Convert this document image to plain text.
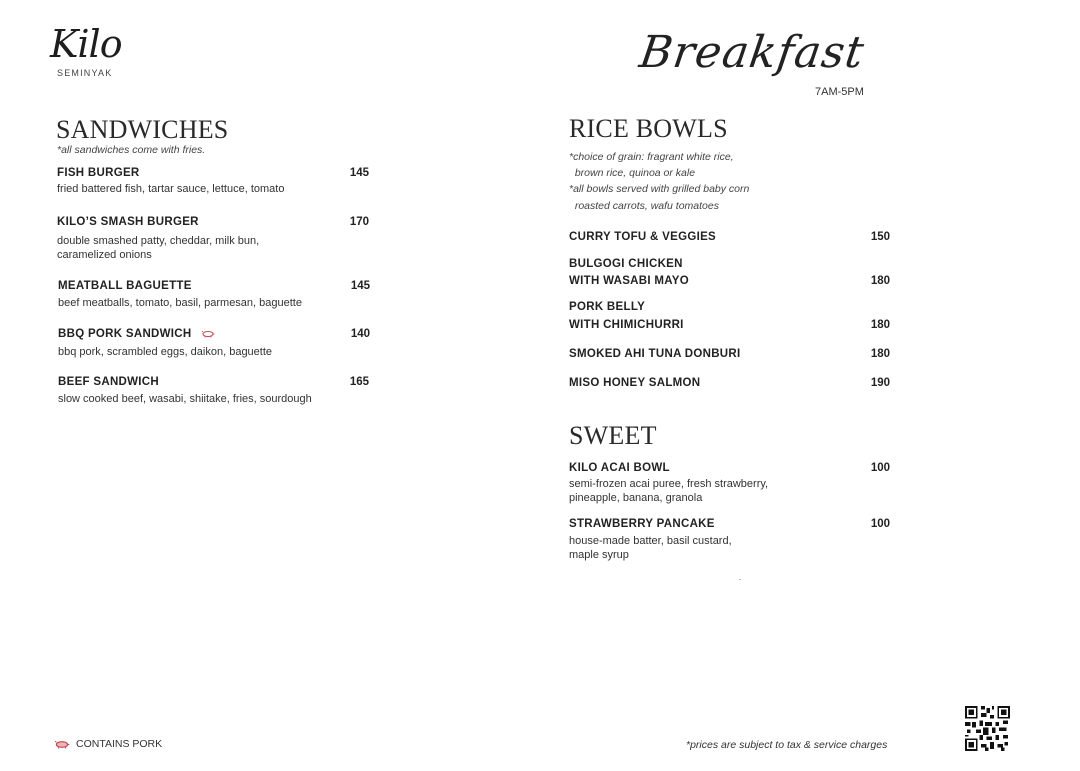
Kilo
SEMINYAK	Breakfast
7AM-5PM
SANDWICHES
*all sandwiches come with fries.
FISH BURGER	145
fried battered fish, tartar sauce, lettuce, tomato
KILO’S SMASH BURGER	170
double smashed patty, cheddar, milk bun,
caramelized onions
MEATBALL BAGUETTE	145
beef meatballs, tomato, basil, parmesan, baguette
BBQ PORK SANDWICH	140
bbq pork, scrambled eggs, daikon, baguette
BEEF SANDWICH	165
slow cooked beef, wasabi, shiitake, fries, sourdough
RICE BOWLS
*choice of grain: fragrant white rice,
brown rice, quinoa or kale
*all bowls served with grilled baby corn
roasted carrots, wafu tomatoes
CURRY TOFU & VEGGIES	150
BULGOGI CHICKEN
WITH WASABI MAYO	180
PORK BELLY
WITH CHIMICHURRI	180
SMOKED AHI TUNA DONBURI	180
MISO HONEY SALMON	190
SWEET
KILO ACAI BOWL	100
semi-frozen acai puree, fresh strawberry,
pineapple, banana, granola
STRAWBERRY PANCAKE	100
house-made batter, basil custard,
maple syrup
CONTAINS PORK	*prices are subject to tax & service charges
